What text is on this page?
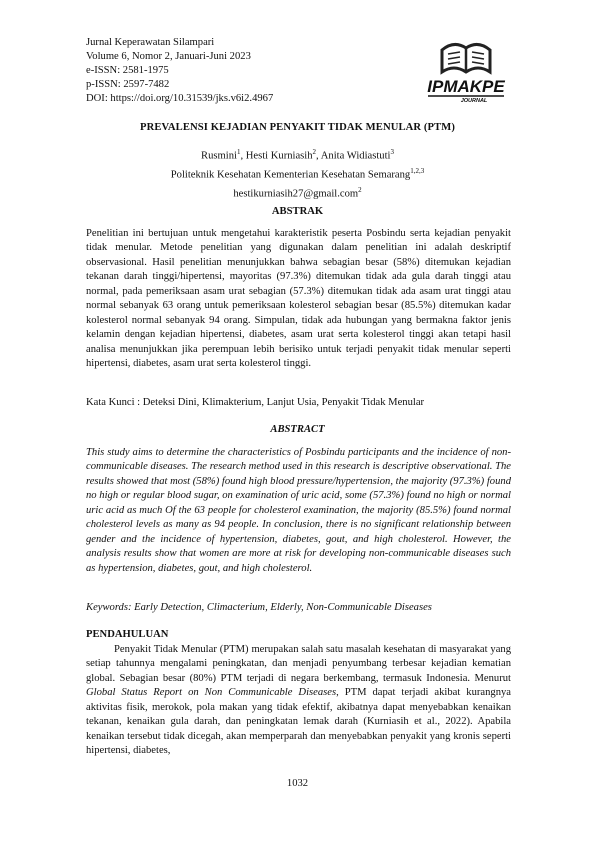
Jurnal Keperawatan Silampari
Volume 6, Nomor 2, Januari-Juni 2023
e-ISSN: 2581-1975
p-ISSN: 2597-7482
DOI: https://doi.org/10.31539/jks.v6i2.4967
IPMAKPE
JOURNAL
PREVALENSI KEJADIAN PENYAKIT TIDAK MENULAR (PTM)
Rusmini$^1$, Hesti Kurniasih$^2$, Anita Widiastuti$^3$
Politeknik Kesehatan Kementerian Kesehatan Semarang$^{1,2,3}$
hestikurniasih27@gmail.com$^2$
ABSTRAK
Penelitian ini bertujuan untuk mengetahui karakteristik peserta Posbindu serta kejadian penyakit tidak menular. Metode penelitian yang digunakan dalam penelitian ini adalah deskriptif observasional. Hasil penelitian menunjukkan bahwa sebagian besar (58%) ditemukan kejadian tekanan darah tinggi/hipertensi, mayoritas (97.3%) ditemukan tidak ada gula darah tinggi atau normal, pada pemeriksaan asam urat sebagian (57.3%) ditemukan tidak ada asam urat tinggi atau normal sebanyak 63 orang untuk pemeriksaan kolesterol sebagian besar (85.5%) ditemukan kadar kolesterol normal sebanyak 94 orang. Simpulan, tidak ada hubungan yang bermakna faktor jenis kelamin dengan kejadian hipertensi, diabetes, asam urat serta kolesterol tinggi akan tetapi hasil analisa menunjukkan jika perempuan lebih berisiko untuk terjadi penyakit tidak menular seperti hipertensi, diabetes, asam urat serta kolesterol tinggi.
Kata Kunci : Deteksi Dini, Klimakterium, Lanjut Usia, Penyakit Tidak Menular
ABSTRACT
This study aims to determine the characteristics of Posbindu participants and the incidence of non-communicable diseases. The research method used in this research is descriptive observational. The results showed that most (58%) found high blood pressure/hypertension, the majority (97.3%) found no high or regular blood sugar, on examination of uric acid, some (57.3%) found no high or normal uric acid as much Of the 63 people for cholesterol examination, the majority (85.5%) found normal cholesterol levels as many as 94 people. In conclusion, there is no significant relationship between gender and the incidence of hypertension, diabetes, gout, and high cholesterol. However, the analysis results show that women are more at risk for developing non-communicable diseases such as hypertension, diabetes, gout, and high cholesterol.
Keywords: Early Detection, Climacterium, Elderly, Non-Communicable Diseases
PENDAHULUAN
Penyakit Tidak Menular (PTM) merupakan salah satu masalah kesehatan di masyarakat yang setiap tahunnya mengalami peningkatan, dan menjadi penyumbang terbesar kejadian kematian global. Sebagian besar (80%) PTM terjadi di negara berkembang, termasuk Indonesia. Menurut Global Status Report on Non Communicable Diseases, PTM dapat terjadi akibat kurangnya aktivitas fisik, merokok, pola makan yang tidak efektif, akibatnya dapat menyebabkan kenaikan tekanan, kenaikan gula darah, dan peningkatan lemak darah (Kurniasih et al., 2022). Apabila kenaikan tersebut tidak dicegah, akan memperparah dan menyebabkan penyakit yang kronis seperti hipertensi, diabetes,
1032
